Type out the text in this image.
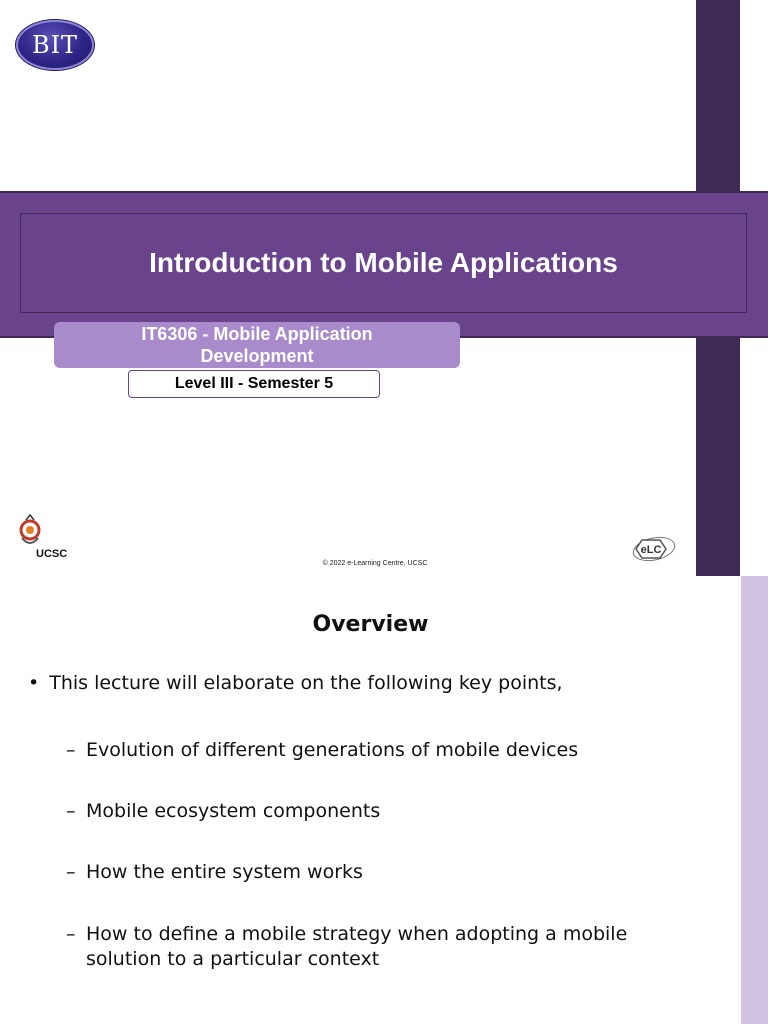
BIT
Introduction to Mobile Applications
IT6306 - Mobile Application Development
Level III - Semester 5
UCSC
© 2022 e-Learning Centre, UCSC
eLC
Overview
• This lecture will elaborate on the following key points,
– Evolution of different generations of mobile devices
– Mobile ecosystem components
– How the entire system works
– How to define a mobile strategy when adopting a mobile solution to a particular context
